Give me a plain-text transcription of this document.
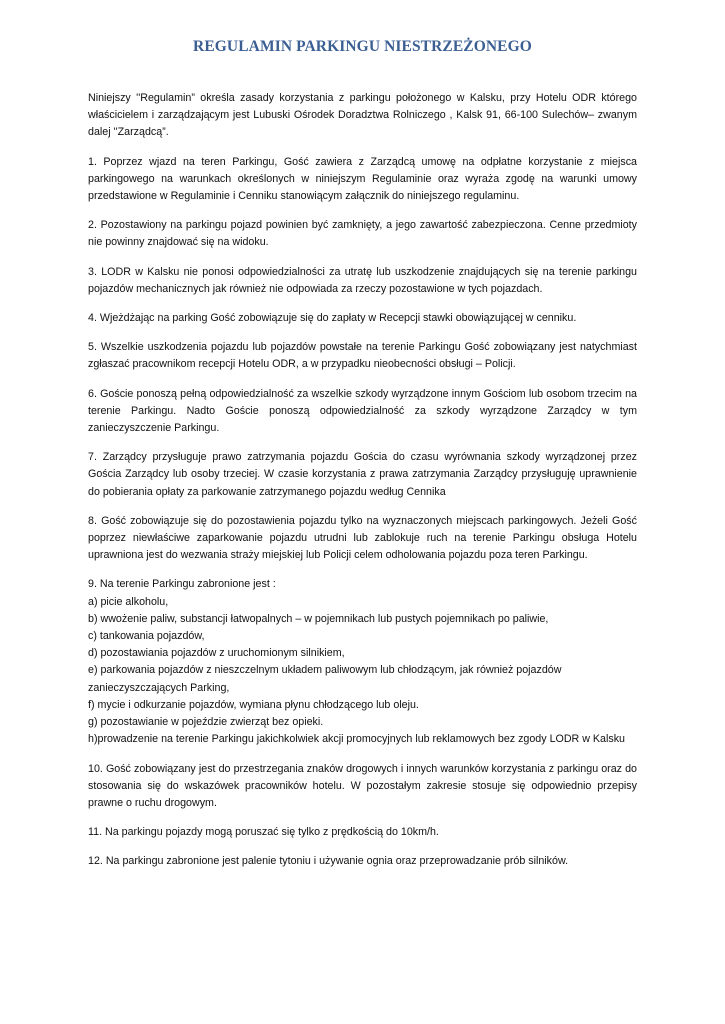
REGULAMIN PARKINGU NIESTRZEŻONEGO

Niniejszy ''Regulamin” określa zasady korzystania z parkingu położonego w Kalsku, przy Hotelu ODR którego właścicielem i zarządzającym jest Lubuski Ośrodek Doradztwa Rolniczego , Kalsk 91, 66-100 Sulechów– zwanym dalej ''Zarządcą”.

1. Poprzez wjazd na teren Parkingu, Gość zawiera z Zarządcą umowę na odpłatne korzystanie z miejsca parkingowego na warunkach określonych w niniejszym Regulaminie oraz wyraża zgodę na warunki umowy przedstawione w Regulaminie i Cenniku stanowiącym załącznik do niniejszego regulaminu.

2. Pozostawiony na parkingu pojazd powinien być zamknięty, a jego zawartość zabezpieczona. Cenne przedmioty nie powinny znajdować się na widoku.

3. LODR w Kalsku nie ponosi odpowiedzialności za utratę lub uszkodzenie znajdujących się na terenie parkingu pojazdów mechanicznych jak również nie odpowiada za rzeczy pozostawione w tych pojazdach.

4. Wjeżdżając na parking Gość zobowiązuje się do zapłaty w Recepcji stawki obowiązującej w cenniku.

5. Wszelkie uszkodzenia pojazdu lub pojazdów powstałe na terenie Parkingu Gość zobowiązany jest natychmiast zgłaszać pracownikom recepcji Hotelu ODR, a w przypadku nieobecności obsługi – Policji.

6. Goście ponoszą pełną odpowiedzialność za wszelkie szkody wyrządzone innym Gościom lub osobom trzecim na terenie Parkingu. Nadto Goście ponoszą odpowiedzialność za szkody wyrządzone Zarządcy w tym zanieczyszczenie Parkingu.

7. Zarządcy przysługuje prawo zatrzymania pojazdu Gościa do czasu wyrównania szkody wyrządzonej przez Gościa Zarządcy lub osoby trzeciej. W czasie korzystania z prawa zatrzymania Zarządcy przysługuję uprawnienie do pobierania opłaty za parkowanie zatrzymanego pojazdu według Cennika

8. Gość zobowiązuje się do pozostawienia pojazdu tylko na wyznaczonych miejscach parkingowych. Jeżeli Gość poprzez niewłaściwe zaparkowanie pojazdu utrudni lub zablokuje ruch na terenie Parkingu obsługa Hotelu uprawniona jest do wezwania straży miejskiej lub Policji celem odholowania pojazdu poza teren Parkingu.

9. Na terenie Parkingu zabronione jest :

a) picie alkoholu,
b) wwożenie paliw, substancji łatwopalnych – w pojemnikach lub pustych pojemnikach po paliwie,
c) tankowania pojazdów,
d) pozostawiania pojazdów z uruchomionym silnikiem,
e) parkowania pojazdów z nieszczelnym układem paliwowym lub chłodzącym, jak również pojazdów zanieczyszczających Parking,
f) mycie i odkurzanie pojazdów, wymiana płynu chłodzącego lub oleju.
g) pozostawianie w pojeździe zwierząt bez opieki.
h)prowadzenie na terenie Parkingu jakichkolwiek akcji promocyjnych lub reklamowych bez zgody LODR w Kalsku

10. Gość zobowiązany jest do przestrzegania znaków drogowych i innych warunków korzystania z parkingu oraz do stosowania się do wskazówek pracowników hotelu. W pozostałym zakresie stosuje się odpowiednio przepisy prawne o ruchu drogowym.

11. Na parkingu pojazdy mogą poruszać się tylko z prędkością do 10km/h.

12. Na parkingu zabronione jest palenie tytoniu i używanie ognia oraz przeprowadzanie prób silników.
